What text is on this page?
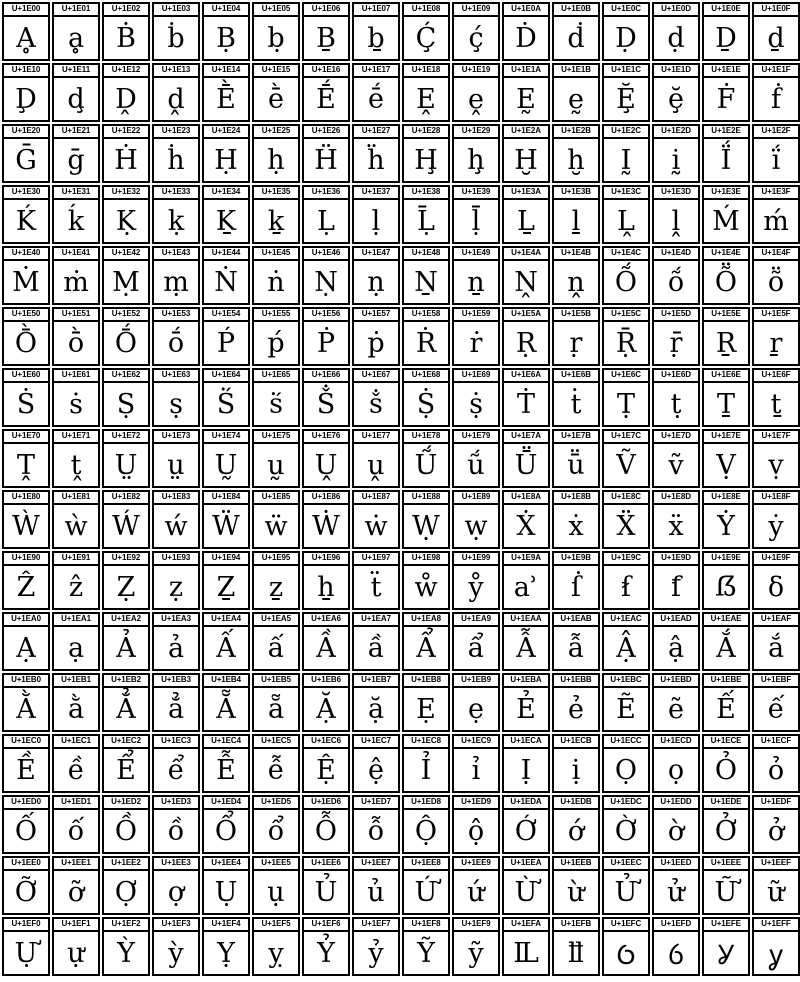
U+1E00
Ḁ
U+1E01
ḁ
U+1E02
Ḃ
U+1E03
ḃ
U+1E04
Ḅ
U+1E05
ḅ
U+1E06
Ḇ
U+1E07
ḇ
U+1E08
Ḉ
U+1E09
ḉ
U+1E0A
Ḋ
U+1E0B
ḋ
U+1E0C
Ḍ
U+1E0D
ḍ
U+1E0E
Ḏ
U+1E0F
ḏ
U+1E10
Ḑ
U+1E11
ḑ
U+1E12
Ḓ
U+1E13
ḓ
U+1E14
Ḕ
U+1E15
ḕ
U+1E16
Ḗ
U+1E17
ḗ
U+1E18
Ḙ
U+1E19
ḙ
U+1E1A
Ḛ
U+1E1B
ḛ
U+1E1C
Ḝ
U+1E1D
ḝ
U+1E1E
Ḟ
U+1E1F
ḟ
U+1E20
Ḡ
U+1E21
ḡ
U+1E22
Ḣ
U+1E23
ḣ
U+1E24
Ḥ
U+1E25
ḥ
U+1E26
Ḧ
U+1E27
ḧ
U+1E28
Ḩ
U+1E29
ḩ
U+1E2A
Ḫ
U+1E2B
ḫ
U+1E2C
Ḭ
U+1E2D
ḭ
U+1E2E
Ḯ
U+1E2F
ḯ
U+1E30
Ḱ
U+1E31
ḱ
U+1E32
Ḳ
U+1E33
ḳ
U+1E34
Ḵ
U+1E35
ḵ
U+1E36
Ḷ
U+1E37
ḷ
U+1E38
Ḹ
U+1E39
ḹ
U+1E3A
Ḻ
U+1E3B
ḻ
U+1E3C
Ḽ
U+1E3D
ḽ
U+1E3E
Ḿ
U+1E3F
ḿ
U+1E40
Ṁ
U+1E41
ṁ
U+1E42
Ṃ
U+1E43
ṃ
U+1E44
Ṅ
U+1E45
ṅ
U+1E46
Ṇ
U+1E47
ṇ
U+1E48
Ṉ
U+1E49
ṉ
U+1E4A
Ṋ
U+1E4B
ṋ
U+1E4C
Ṍ
U+1E4D
ṍ
U+1E4E
Ṏ
U+1E4F
ṏ
U+1E50
Ṑ
U+1E51
ṑ
U+1E52
Ṓ
U+1E53
ṓ
U+1E54
Ṕ
U+1E55
ṕ
U+1E56
Ṗ
U+1E57
ṗ
U+1E58
Ṙ
U+1E59
ṙ
U+1E5A
Ṛ
U+1E5B
ṛ
U+1E5C
Ṝ
U+1E5D
ṝ
U+1E5E
Ṟ
U+1E5F
ṟ
U+1E60
Ṡ
U+1E61
ṡ
U+1E62
Ṣ
U+1E63
ṣ
U+1E64
Ṥ
U+1E65
ṥ
U+1E66
Ṧ
U+1E67
ṧ
U+1E68
Ṩ
U+1E69
ṩ
U+1E6A
Ṫ
U+1E6B
ṫ
U+1E6C
Ṭ
U+1E6D
ṭ
U+1E6E
Ṯ
U+1E6F
ṯ
U+1E70
Ṱ
U+1E71
ṱ
U+1E72
Ṳ
U+1E73
ṳ
U+1E74
Ṵ
U+1E75
ṵ
U+1E76
Ṷ
U+1E77
ṷ
U+1E78
Ṹ
U+1E79
ṹ
U+1E7A
Ṻ
U+1E7B
ṻ
U+1E7C
Ṽ
U+1E7D
ṽ
U+1E7E
Ṿ
U+1E7F
ṿ
U+1E80
Ẁ
U+1E81
ẁ
U+1E82
Ẃ
U+1E83
ẃ
U+1E84
Ẅ
U+1E85
ẅ
U+1E86
Ẇ
U+1E87
ẇ
U+1E88
Ẉ
U+1E89
ẉ
U+1E8A
Ẋ
U+1E8B
ẋ
U+1E8C
Ẍ
U+1E8D
ẍ
U+1E8E
Ẏ
U+1E8F
ẏ
U+1E90
Ẑ
U+1E91
ẑ
U+1E92
Ẓ
U+1E93
ẓ
U+1E94
Ẕ
U+1E95
ẕ
U+1E96
ẖ
U+1E97
ẗ
U+1E98
ẘ
U+1E99
ẙ
U+1E9A
ẚ
U+1E9B
ẛ
U+1E9C
ẜ
U+1E9D
ẝ
U+1E9E
ẞ
U+1E9F
ẟ
U+1EA0
Ạ
U+1EA1
ạ
U+1EA2
Ả
U+1EA3
ả
U+1EA4
Ấ
U+1EA5
ấ
U+1EA6
Ầ
U+1EA7
ầ
U+1EA8
Ẩ
U+1EA9
ẩ
U+1EAA
Ẫ
U+1EAB
ẫ
U+1EAC
Ậ
U+1EAD
ậ
U+1EAE
Ắ
U+1EAF
ắ
U+1EB0
Ằ
U+1EB1
ằ
U+1EB2
Ẳ
U+1EB3
ẳ
U+1EB4
Ẵ
U+1EB5
ẵ
U+1EB6
Ặ
U+1EB7
ặ
U+1EB8
Ẹ
U+1EB9
ẹ
U+1EBA
Ẻ
U+1EBB
ẻ
U+1EBC
Ẽ
U+1EBD
ẽ
U+1EBE
Ế
U+1EBF
ế
U+1EC0
Ề
U+1EC1
ề
U+1EC2
Ể
U+1EC3
ể
U+1EC4
Ễ
U+1EC5
ễ
U+1EC6
Ệ
U+1EC7
ệ
U+1EC8
Ỉ
U+1EC9
ỉ
U+1ECA
Ị
U+1ECB
ị
U+1ECC
Ọ
U+1ECD
ọ
U+1ECE
Ỏ
U+1ECF
ỏ
U+1ED0
Ố
U+1ED1
ố
U+1ED2
Ồ
U+1ED3
ồ
U+1ED4
Ổ
U+1ED5
ổ
U+1ED6
Ỗ
U+1ED7
ỗ
U+1ED8
Ộ
U+1ED9
ộ
U+1EDA
Ớ
U+1EDB
ớ
U+1EDC
Ờ
U+1EDD
ờ
U+1EDE
Ở
U+1EDF
ở
U+1EE0
Ỡ
U+1EE1
ỡ
U+1EE2
Ợ
U+1EE3
ợ
U+1EE4
Ụ
U+1EE5
ụ
U+1EE6
Ủ
U+1EE7
ủ
U+1EE8
Ứ
U+1EE9
ứ
U+1EEA
Ừ
U+1EEB
ừ
U+1EEC
Ử
U+1EED
ử
U+1EEE
Ữ
U+1EEF
ữ
U+1EF0
Ự
U+1EF1
ự
U+1EF2
Ỳ
U+1EF3
ỳ
U+1EF4
Ỵ
U+1EF5
ỵ
U+1EF6
Ỷ
U+1EF7
ỷ
U+1EF8
Ỹ
U+1EF9
ỹ
U+1EFA
Ỻ
U+1EFB
ỻ
U+1EFC
Ỽ
U+1EFD
ỽ
U+1EFE
Ỿ
U+1EFF
ỿ
